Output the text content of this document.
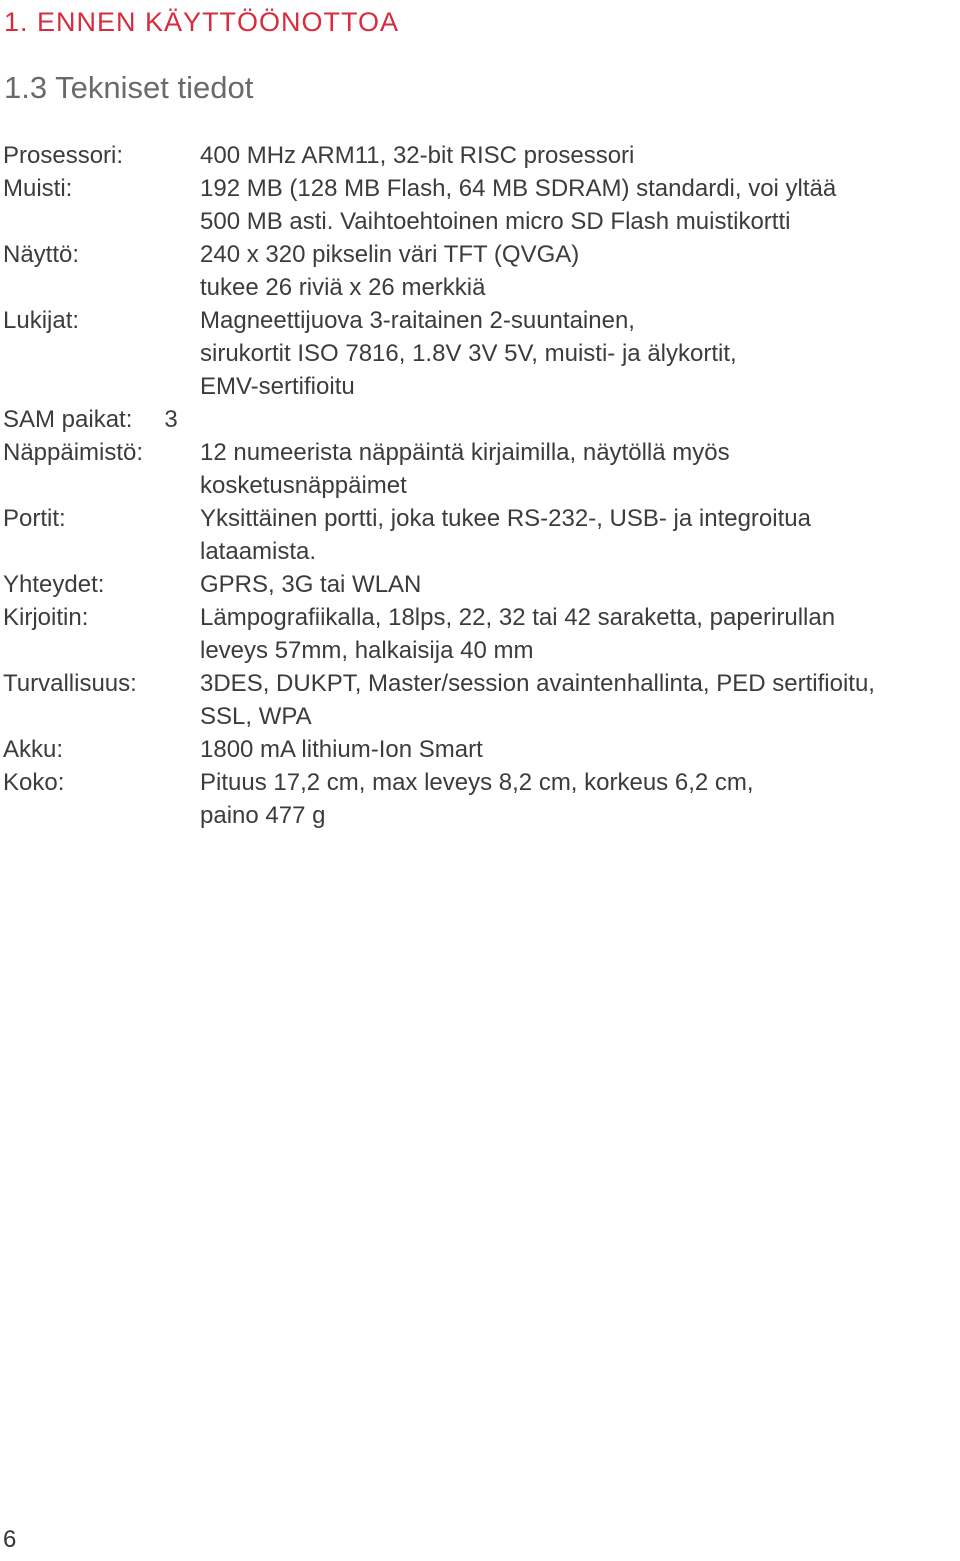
1. ENNEN KÄYTTÖÖNOTTOA
1.3 Tekniset tiedot
Prosessori:	400 MHz ARM11, 32-bit RISC prosessori
Muisti:	192 MB (128 MB Flash, 64 MB SDRAM) standardi, voi yltää
500 MB asti. Vaihtoehtoinen micro SD Flash muistikortti
Näyttö:	240 x 320 pikselin väri TFT (QVGA)
tukee 26 riviä x 26 merkkiä
Lukijat:	Magneettijuova 3-raitainen 2-suuntainen,
sirukortit ISO 7816, 1.8V 3V 5V, muisti- ja älykortit,
EMV-sertifioitu
SAM paikat: 3
Näppäimistö:	12 numeerista näppäintä kirjaimilla, näytöllä myös
kosketusnäppäimet
Portit:	Yksittäinen portti, joka tukee RS-232-, USB- ja integroitua
lataamista.
Yhteydet:	GPRS, 3G tai WLAN
Kirjoitin:	Lämpografiikalla, 18lps, 22, 32 tai 42 saraketta, paperirullan
leveys 57mm, halkaisija 40 mm
Turvallisuus:	3DES, DUKPT, Master/session avaintenhallinta, PED sertifioitu,
SSL, WPA
Akku:	1800 mA lithium-Ion Smart
Koko:	Pituus 17,2 cm, max leveys 8,2 cm, korkeus 6,2 cm,
paino 477 g
6
